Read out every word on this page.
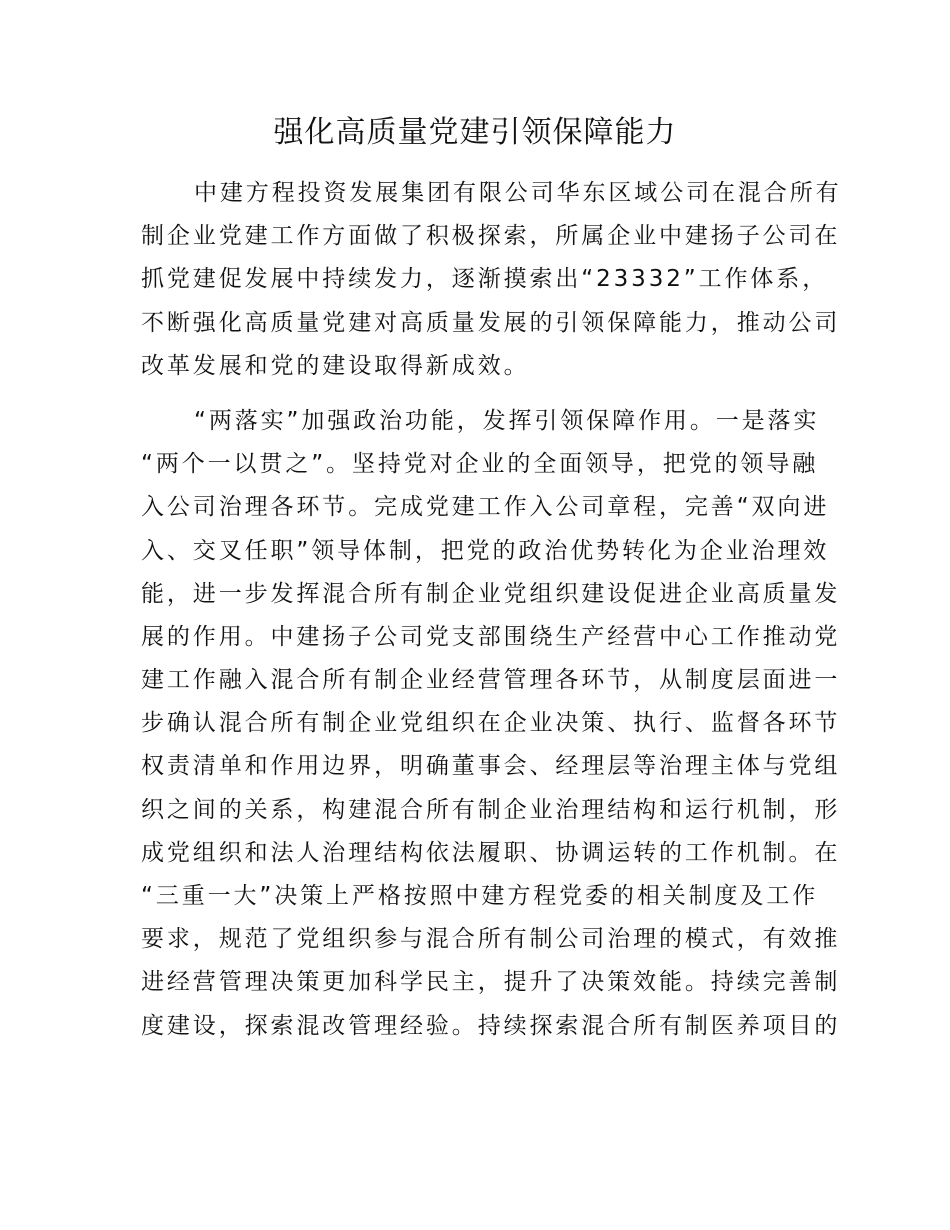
强化高质量党建引领保障能力
中建方程投资发展集团有限公司华东区域公司在混合所有
制企业党建工作方面做了积极探索，所属企业中建扬子公司在
抓党建促发展中持续发力，逐渐摸索出“23332”工作体系，
不断强化高质量党建对高质量发展的引领保障能力，推动公司
改革发展和党的建设取得新成效。
“两落实”加强政治功能，发挥引领保障作用。一是落实
“两个一以贯之”。坚持党对企业的全面领导，把党的领导融
入公司治理各环节。完成党建工作入公司章程，完善“双向进
入、交叉任职”领导体制，把党的政治优势转化为企业治理效
能，进一步发挥混合所有制企业党组织建设促进企业高质量发
展的作用。中建扬子公司党支部围绕生产经营中心工作推动党
建工作融入混合所有制企业经营管理各环节，从制度层面进一
步确认混合所有制企业党组织在企业决策、执行、监督各环节
权责清单和作用边界，明确董事会、经理层等治理主体与党组
织之间的关系，构建混合所有制企业治理结构和运行机制，形
成党组织和法人治理结构依法履职、协调运转的工作机制。在
“三重一大”决策上严格按照中建方程党委的相关制度及工作
要求，规范了党组织参与混合所有制公司治理的模式，有效推
进经营管理决策更加科学民主，提升了决策效能。持续完善制
度建设，探索混改管理经验。持续探索混合所有制医养项目的
